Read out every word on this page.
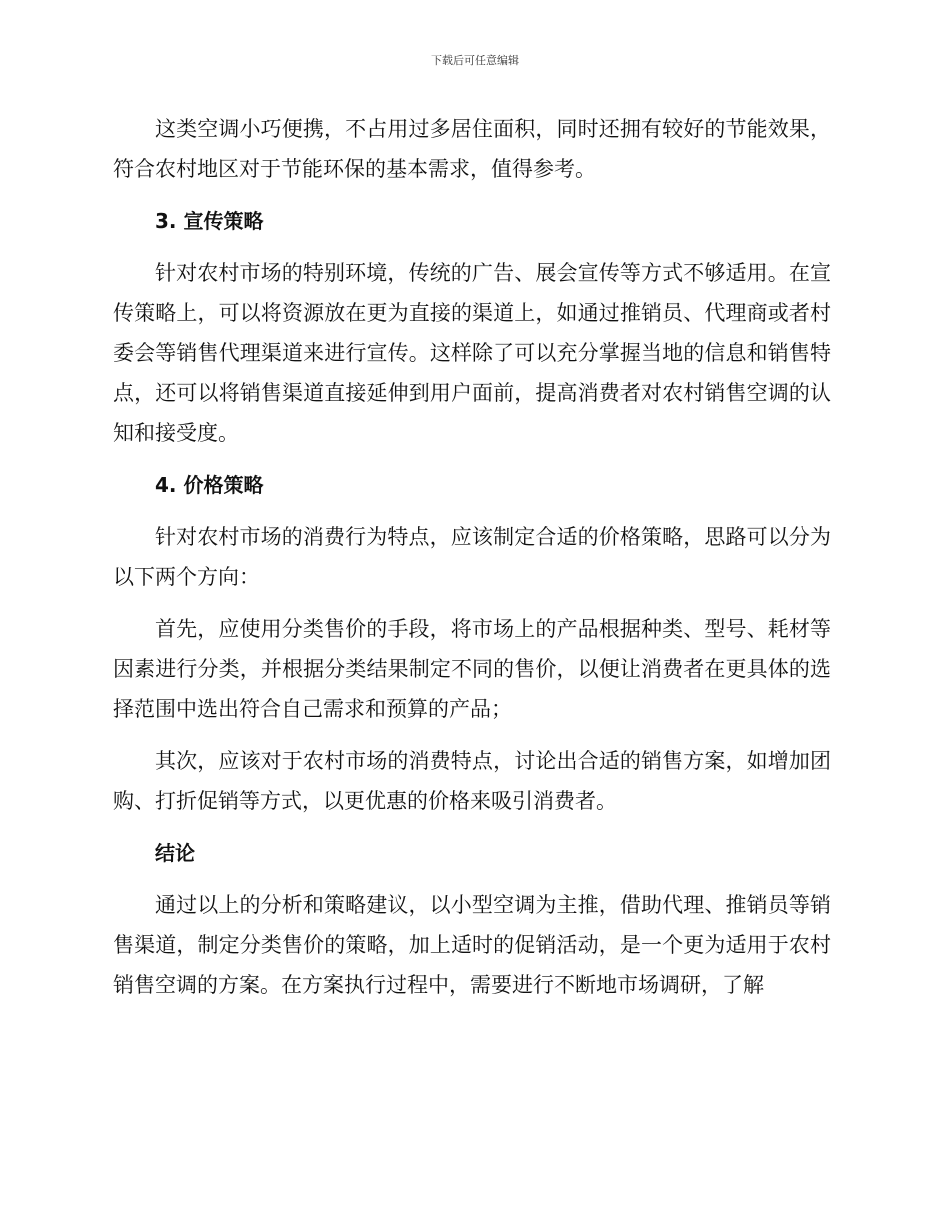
下载后可任意编辑

这类空调小巧便携，不占用过多居住面积，同时还拥有较好的节能效果，符合农村地区对于节能环保的基本需求，值得参考。

3. 宣传策略

针对农村市场的特别环境，传统的广告、展会宣传等方式不够适用。在宣传策略上，可以将资源放在更为直接的渠道上，如通过推销员、代理商或者村委会等销售代理渠道来进行宣传。这样除了可以充分掌握当地的信息和销售特点，还可以将销售渠道直接延伸到用户面前，提高消费者对农村销售空调的认知和接受度。

4. 价格策略

针对农村市场的消费行为特点，应该制定合适的价格策略，思路可以分为以下两个方向：

首先，应使用分类售价的手段，将市场上的产品根据种类、型号、耗材等因素进行分类，并根据分类结果制定不同的售价，以便让消费者在更具体的选择范围中选出符合自己需求和预算的产品；

其次，应该对于农村市场的消费特点，讨论出合适的销售方案，如增加团购、打折促销等方式，以更优惠的价格来吸引消费者。

结论

通过以上的分析和策略建议，以小型空调为主推，借助代理、推销员等销售渠道，制定分类售价的策略，加上适时的促销活动，是一个更为适用于农村销售空调的方案。在方案执行过程中，需要进行不断地市场调研，了解
